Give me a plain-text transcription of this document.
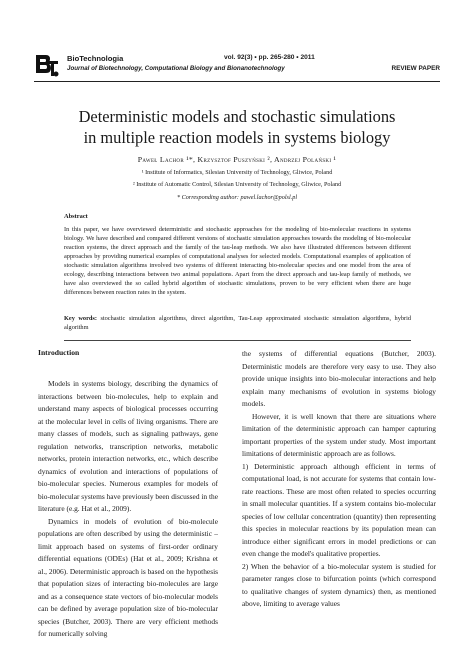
BioTechnologia
Journal of Biotechnology, Computational Biology and Bionanotechnology
vol. 92(3) • pp. 265-280 • 2011
REVIEW PAPER
Deterministic models and stochastic simulations
in multiple reaction models in systems biology
Paweł Lachor ¹*, Krzysztof Puszyński ², Andrzej Polański ¹
¹ Institute of Informatics, Silesian University of Technology, Gliwice, Poland
² Institute of Automatic Control, Silesian University of Technology, Gliwice, Poland
* Corresponding author: pawel.lachor@polsl.pl
Abstract
In this paper, we have overviewed deterministic and stochastic approaches for the modeling of bio-molecular reactions in systems biology. We have described and compared different versions of stochastic simulation approaches towards the modeling of bio-molecular reaction systems, the direct approach and the family of the tau-leap methods. We also have illustrated differences between different approaches by providing numerical examples of computational analyses for selected models. Computational examples of application of stochastic simulation algorithms involved two systems of different interacting bio-molecular species and one model from the area of ecology, describing interactions between two animal populations. Apart from the direct approach and tau-leap family of methods, we have also overviewed the so called hybrid algorithm of stochastic simulations, proven to be very efficient when there are huge differences between reaction rates in the system.
Key words: stochastic simulation algorithms, direct algorithm, Tau-Leap approximated stochastic simulation algorithms, hybrid algorithm
Introduction

Models in systems biology, describing the dynamics of interactions between bio-molecules, help to explain and understand many aspects of biological processes occurring at the molecular level in cells of living organisms. There are many classes of models, such as signaling pathways, gene regulation networks, transcription networks, metabolic networks, protein interaction networks, etc., which describe dynamics of evolution and interactions of populations of bio-molecular species. Numerous examples for models of bio-molecular systems have previously been discussed in the literature (e.g. Hat et al., 2009).

Dynamics in models of evolution of bio-molecule populations are often described by using the deterministic – limit approach based on systems of first-order ordinary differential equations (ODEs) (Hat et al., 2009; Krishna et al., 2006). Deterministic approach is based on the hypothesis that population sizes of interacting bio-molecules are large and as a consequence state vectors of bio-molecular models can be defined by average population size of bio-molecular species (Butcher, 2003). There are very efficient methods for numerically solving

the systems of differential equations (Butcher, 2003). Deterministic models are therefore very easy to use. They also provide unique insights into bio-molecular interactions and help explain many mechanisms of evolution in systems biology models.

However, it is well known that there are situations where limitation of the deterministic approach can hamper capturing important properties of the system under study. Most important limitations of deterministic approach are as follows.

1) Deterministic approach although efficient in terms of computational load, is not accurate for systems that contain low-rate reactions. These are most often related to species occurring in small molecular quantities. If a system contains bio-molecular species of low cellular concentration (quantity) then representing this species in molecular reactions by its population mean can introduce either significant errors in model predictions or can even change the model's qualitative properties.

2) When the behavior of a bio-molecular system is studied for parameter ranges close to bifurcation points (which correspond to qualitative changes of system dynamics) then, as mentioned above, limiting to average values
